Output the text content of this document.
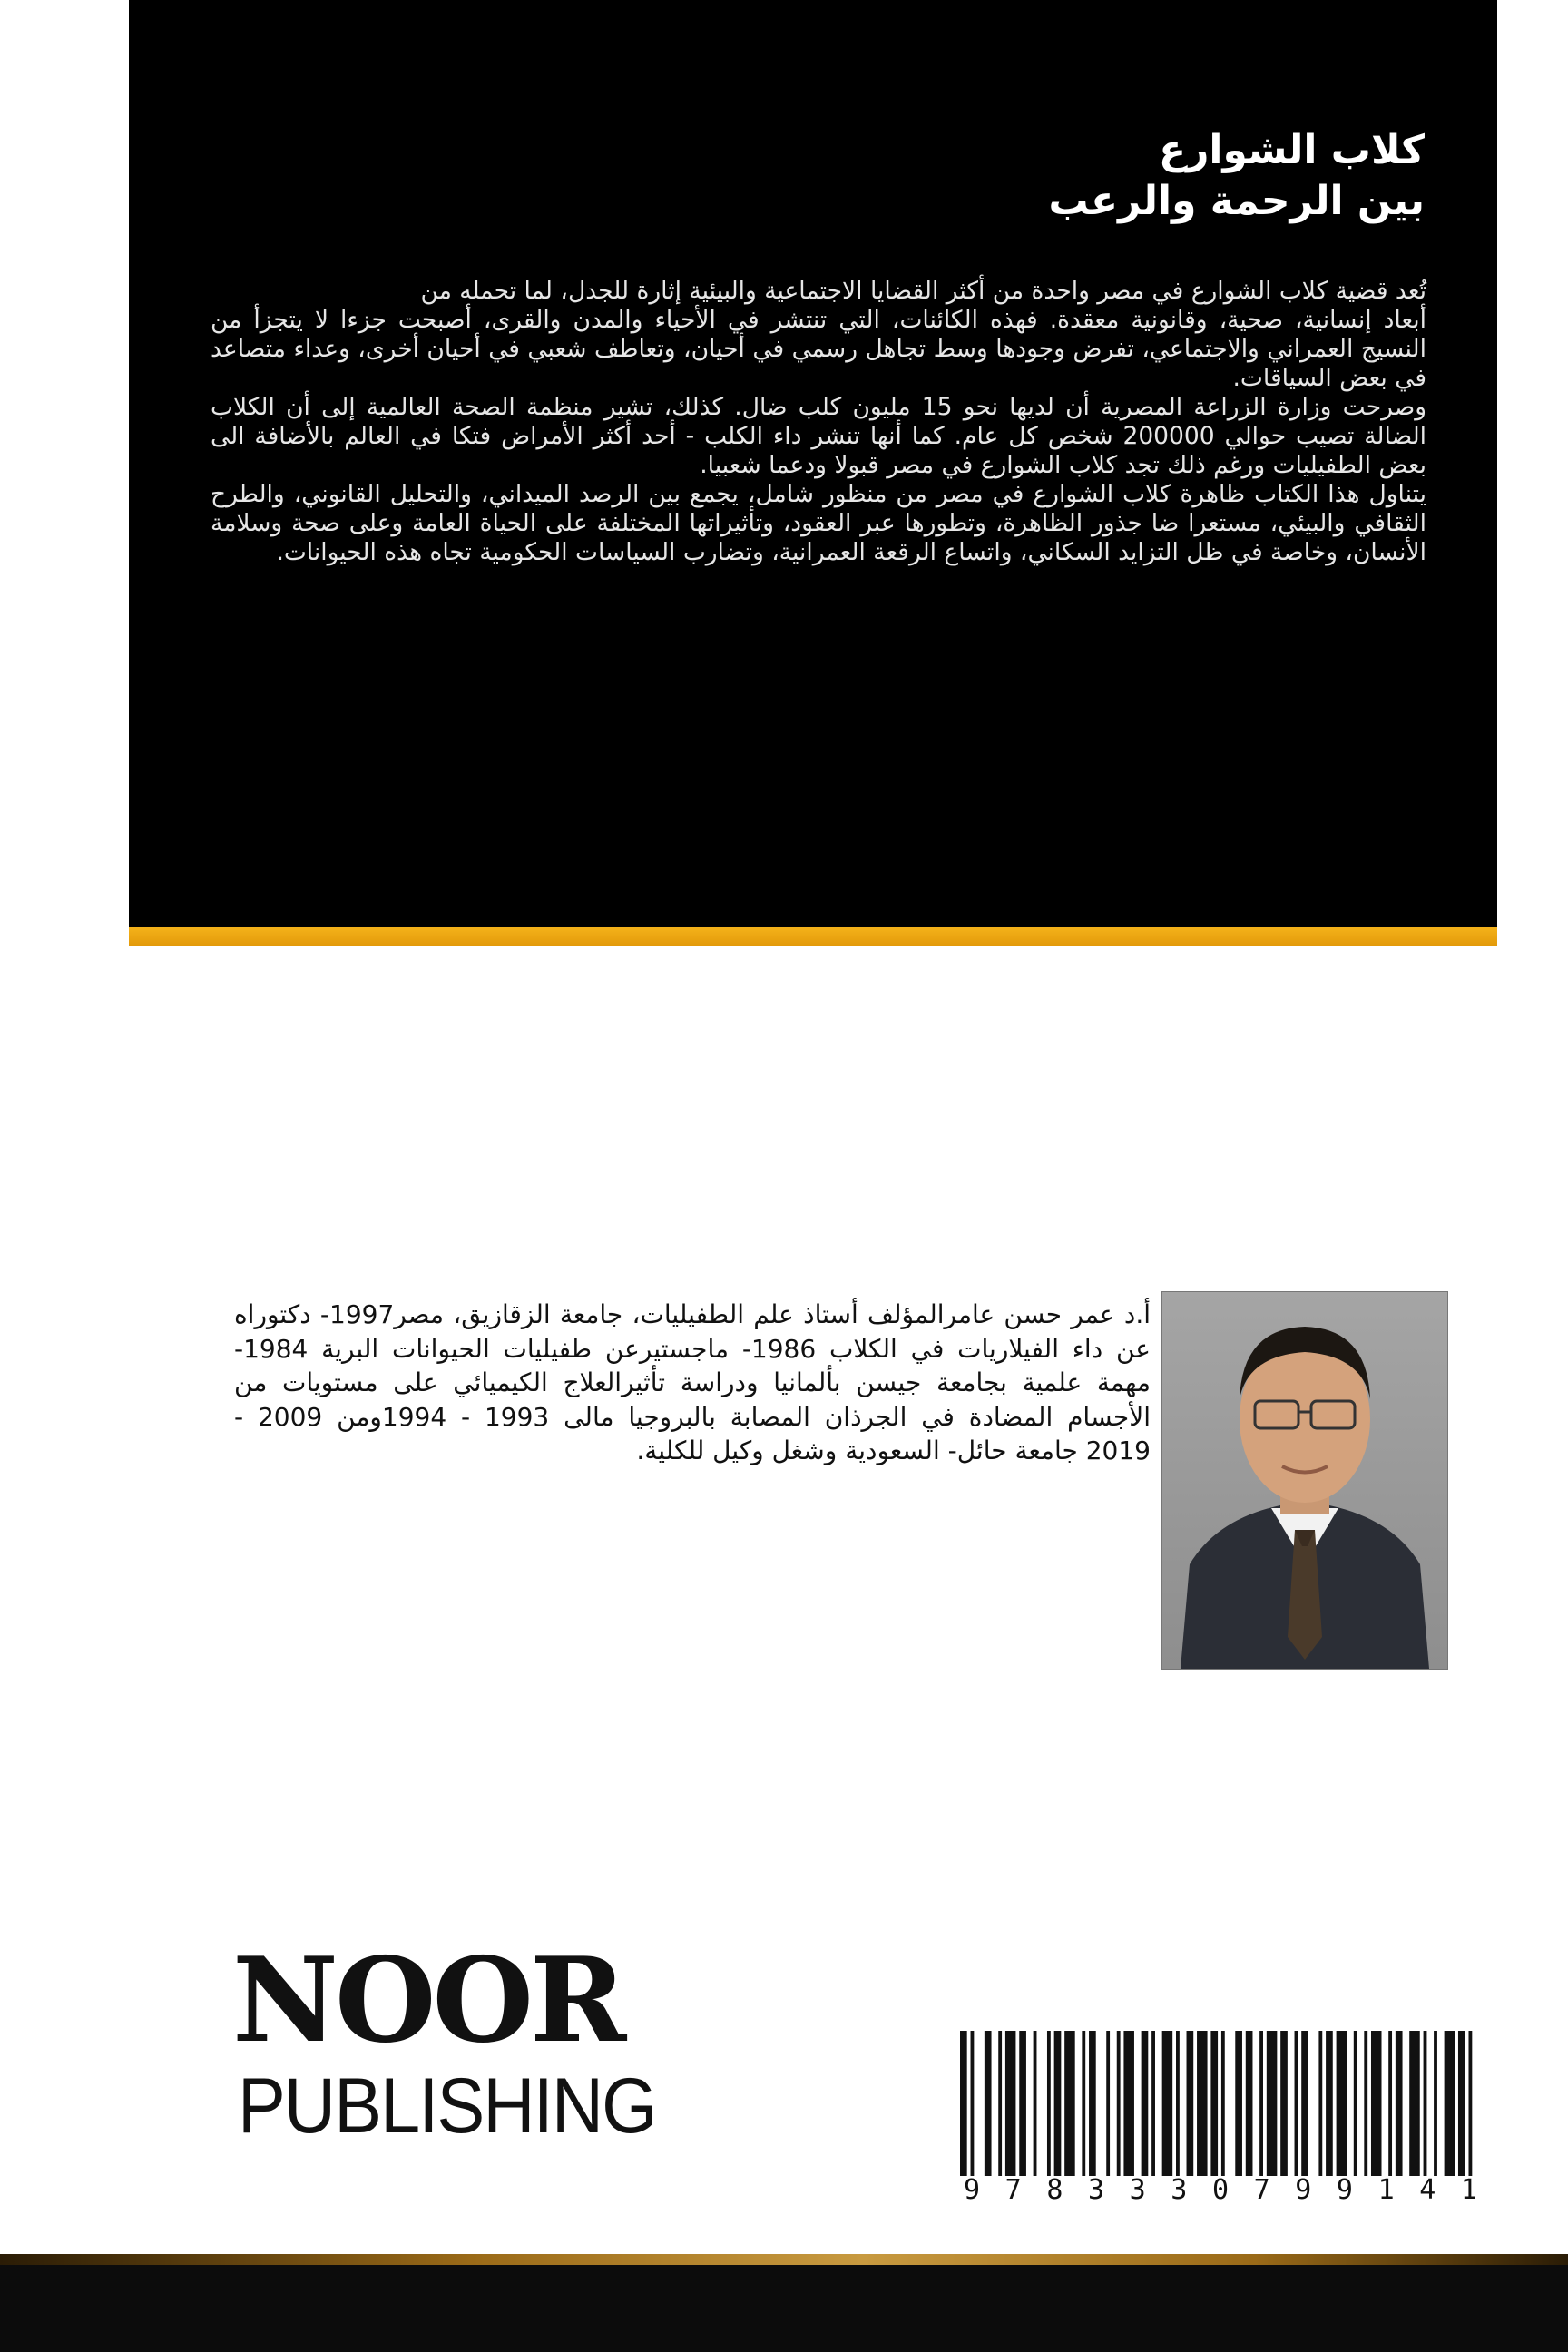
كلاب الشوارع
بين الرحمة والرعب

تُعد قضية كلاب الشوارع في مصر واحدة من أكثر القضايا الاجتماعية والبيئية إثارة للجدل، لما تحمله من

أبعاد إنسانية، صحية، وقانونية معقدة. فهذه الكائنات، التي تنتشر في الأحياء والمدن والقرى، أصبحت جزءا لا يتجزأ من النسيج العمراني والاجتماعي، تفرض وجودها وسط تجاهل رسمي في أحيان، وتعاطف شعبي في أحيان أخرى، وعداء متصاعد في بعض السياقات.

وصرحت وزارة الزراعة المصرية أن لديها نحو 15 مليون كلب ضال. كذلك، تشير منظمة الصحة العالمية إلى أن الكلاب الضالة تصيب حوالي 200000 شخص كل عام. كما أنها تنشر داء الكلب - أحد أكثر الأمراض فتكا في العالم بالأضافة الى بعض الطفيليات ورغم ذلك تجد كلاب الشوارع في مصر قبولا ودعما شعبيا.

يتناول هذا الكتاب ظاهرة كلاب الشوارع في مصر من منظور شامل، يجمع بين الرصد الميداني، والتحليل القانوني، والطرح الثقافي والبيئي، مستعرا ضا جذور الظاهرة، وتطورها عبر العقود، وتأثيراتها المختلفة على الحياة العامة وعلى صحة وسلامة الأنسان، وخاصة في ظل التزايد السكاني، واتساع الرقعة العمرانية، وتضارب السياسات الحكومية تجاه هذه الحيوانات.

أ.د عمر حسن عامرالمؤلف أستاذ علم الطفيليات، جامعة الزقازيق، مصر1997- دكتوراه عن داء الفيلاريات في الكلاب 1986- ماجستيرعن طفيليات الحيوانات البرية 1984- مهمة علمية بجامعة جيسن بألمانيا ودراسة تأثيرالعلاج الكيميائي على مستويات من الأجسام المضادة في الجرذان المصابة بالبروجيا مالى 1993 - 1994ومن 2009 - 2019 جامعة حائل- السعودية وشغل وكيل للكلية.
9 7 8 3 3 3 0 7 9 9 1 4 1
NOOR
PUBLISHING
